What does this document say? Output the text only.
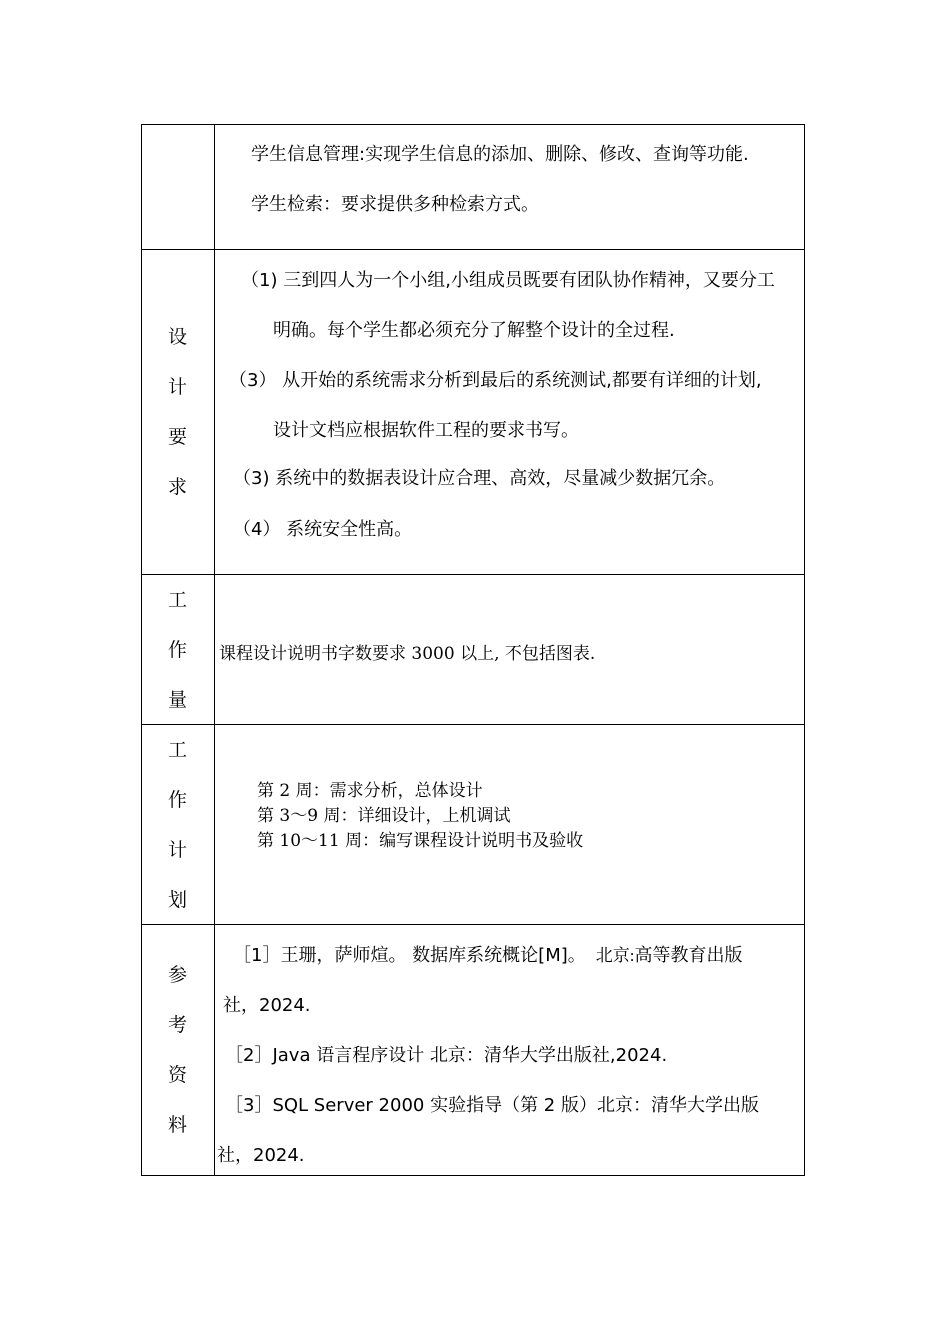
学生信息管理:实现学生信息的添加、删除、修改、查询等功能.
学生检索：要求提供多种检索方式。
设
计
要
求
（1) 三到四人为一个小组,小组成员既要有团队协作精神，又要分工
明确。每个学生都必须充分了解整个设计的全过程.
（3） 从开始的系统需求分析到最后的系统测试,都要有详细的计划,
设计文档应根据软件工程的要求书写。
（3) 系统中的数据表设计应合理、高效，尽量减少数据冗余。
（4） 系统安全性高。
工
作
量
课程设计说明书字数要求 3000 以上, 不包括图表.
工
作
计
划
第 2 周：需求分析，总体设计
第 3～9 周：详细设计，上机调试
第 10～11 周：编写课程设计说明书及验收
参
考
资
料
［1］王珊，萨师煊。 数据库系统概论[M]。 北京:高等教育出版
社，2024.
［2］Java 语言程序设计 北京：清华大学出版社,2024.
［3］SQL Server 2000 实验指导（第 2 版）北京：清华大学出版
社，2024.
